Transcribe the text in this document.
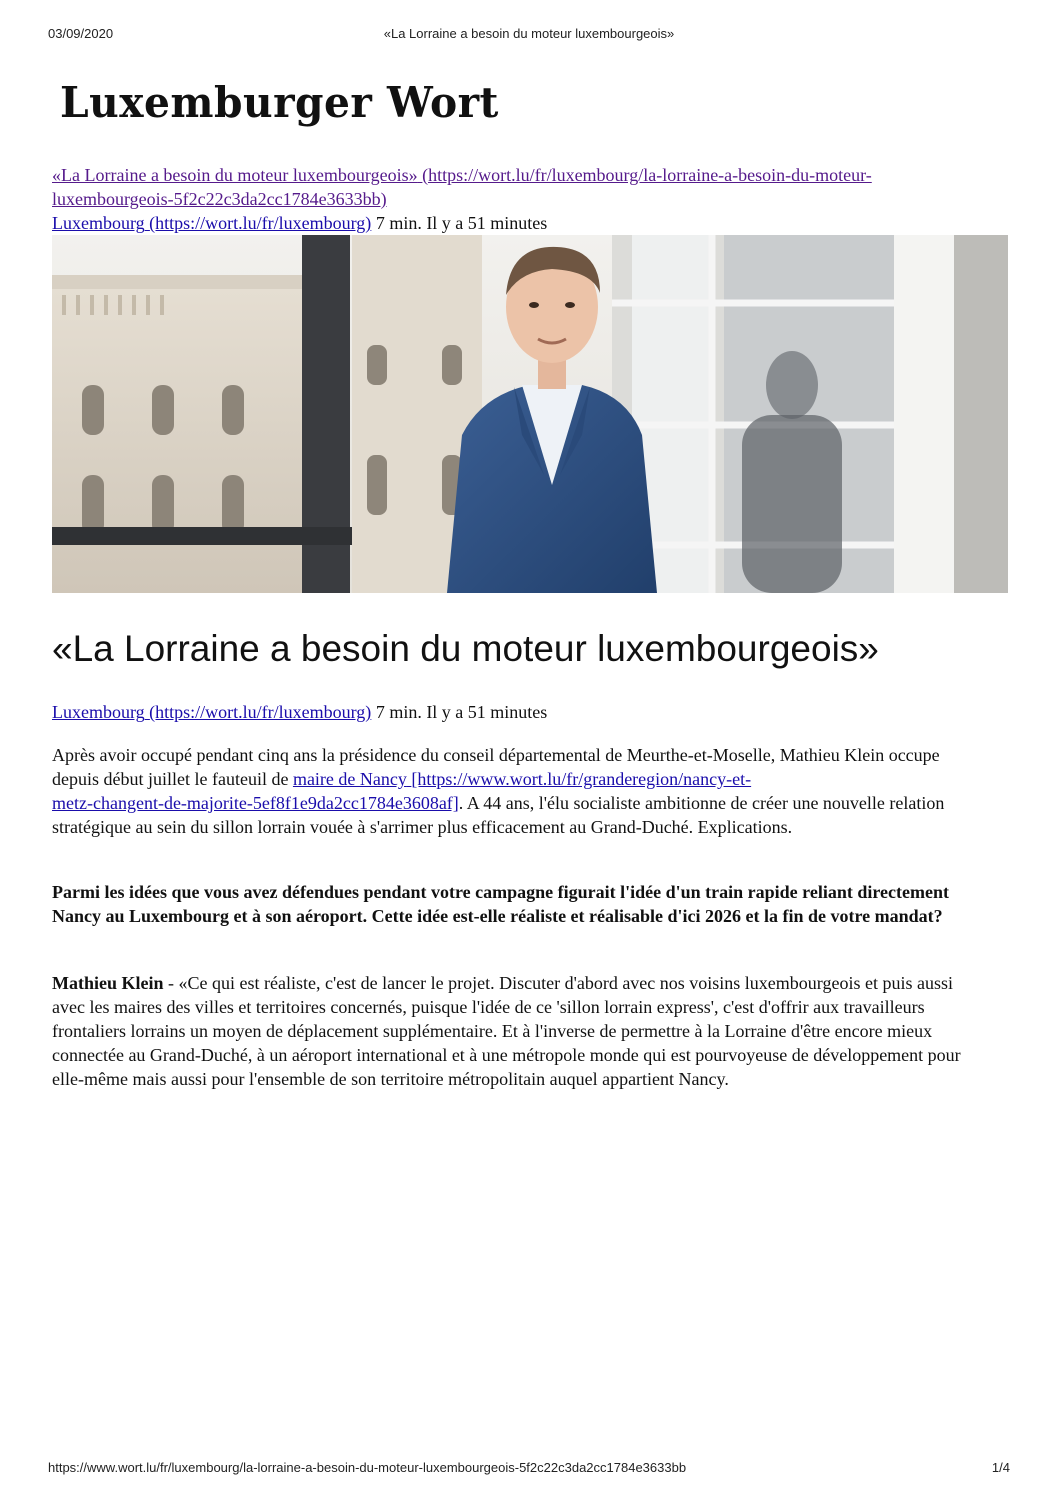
03/09/2020	«La Lorraine a besoin du moteur luxembourgeois»
Luxemburger Wort
«La Lorraine a besoin du moteur luxembourgeois» (https://wort.lu/fr/luxembourg/la-lorraine-a-besoin-du-moteur-
luxembourgeois-5f2c22c3da2cc1784e3633bb)
Luxembourg (https://wort.lu/fr/luxembourg) 7 min. Il y a 51 minutes
«La Lorraine a besoin du moteur luxembourgeois»
Luxembourg (https://wort.lu/fr/luxembourg) 7 min. Il y a 51 minutes

Après avoir occupé pendant cinq ans la présidence du conseil départemental de Meurthe-et-Moselle, Mathieu Klein occupe depuis début juillet le fauteuil de maire de Nancy [https://www.wort.lu/fr/granderegion/nancy-et-
metz-changent-de-majorite-5ef8f1e9da2cc1784e3608af]. A 44 ans, l'élu socialiste ambitionne de créer une nouvelle relation stratégique au sein du sillon lorrain vouée à s'arrimer plus efficacement au Grand-Duché. Explications.

Parmi les idées que vous avez défendues pendant votre campagne figurait l'idée d'un train rapide reliant directement Nancy au Luxembourg et à son aéroport. Cette idée est-elle réaliste et réalisable d'ici 2026 et la fin de votre mandat?

Mathieu Klein - «Ce qui est réaliste, c'est de lancer le projet. Discuter d'abord avec nos voisins luxembourgeois et puis aussi avec les maires des villes et territoires concernés, puisque l'idée de ce 'sillon lorrain express', c'est d'offrir aux travailleurs frontaliers lorrains un moyen de déplacement supplémentaire. Et à l'inverse de permettre à la Lorraine d'être encore mieux connectée au Grand-Duché, à un aéroport international et à une métropole monde qui est pourvoyeuse de développement pour elle-même mais aussi pour l'ensemble de son territoire métropolitain auquel appartient Nancy.

https://www.wort.lu/fr/luxembourg/la-lorraine-a-besoin-du-moteur-luxembourgeois-5f2c22c3da2cc1784e3633bb	1/4
